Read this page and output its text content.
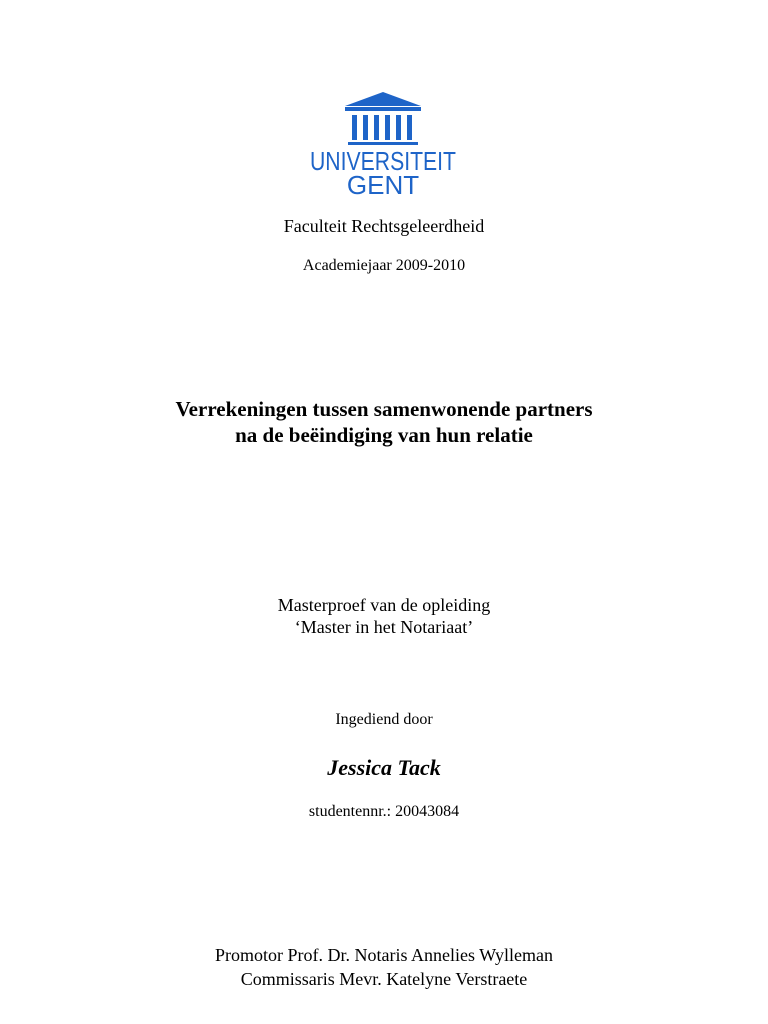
UNIVERSITEIT
GENT
Faculteit Rechtsgeleerdheid
Academiejaar 2009-2010
Verrekeningen tussen samenwonende partners
na de beëindiging van hun relatie
Masterproef van de opleiding
‘Master in het Notariaat’
Ingediend door
Jessica Tack
studentennr.: 20043084
Promotor Prof. Dr. Notaris Annelies Wylleman
Commissaris Mevr. Katelyne Verstraete
